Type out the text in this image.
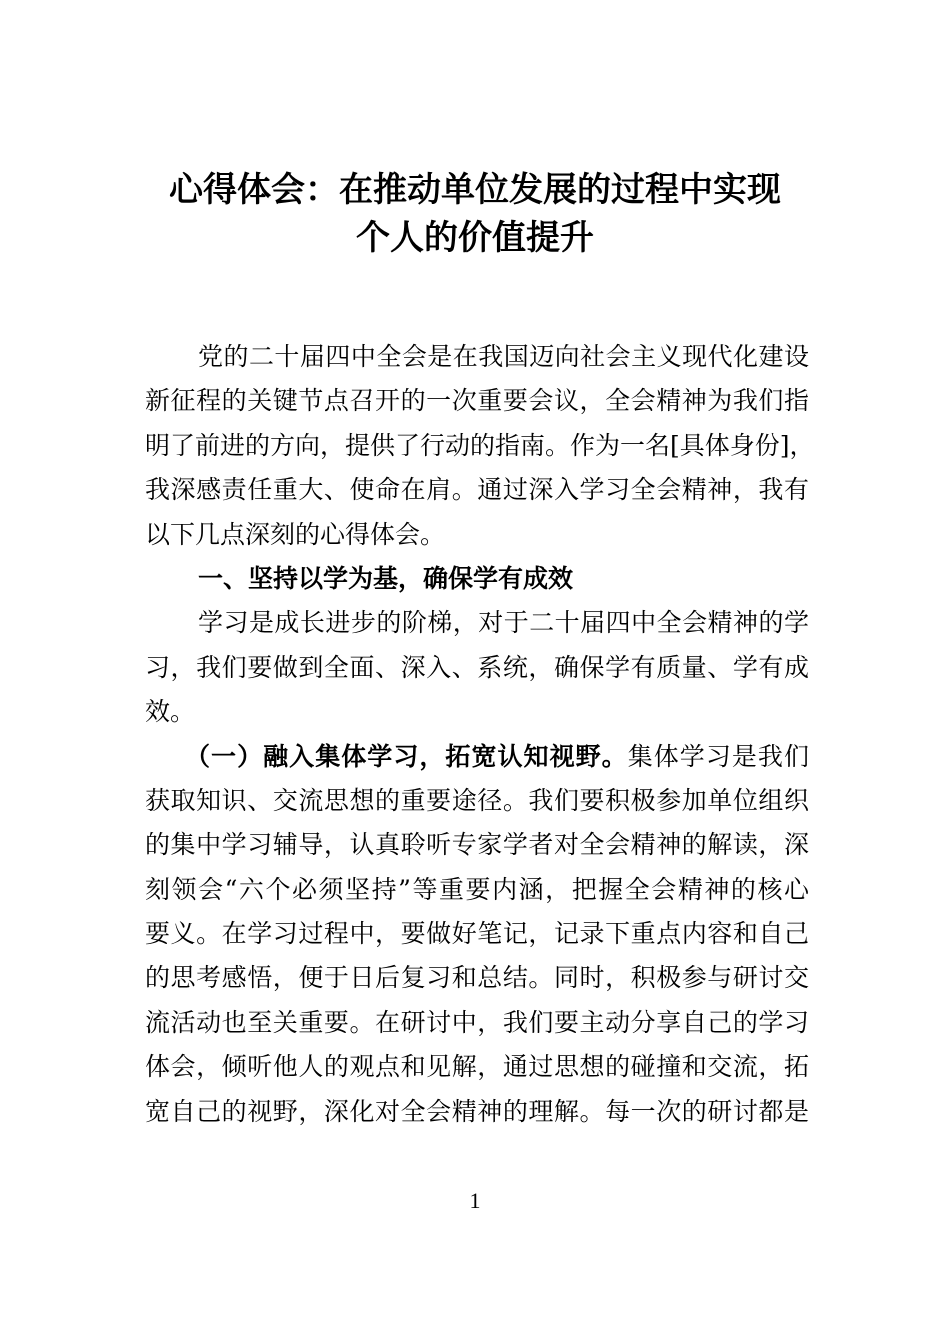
心得体会：在推动单位发展的过程中实现
个人的价值提升
党的二十届四中全会是在我国迈向社会主义现代化建设
新征程的关键节点召开的一次重要会议，全会精神为我们指
明了前进的方向，提供了行动的指南。作为一名[具体身份]，
我深感责任重大、使命在肩。通过深入学习全会精神，我有
以下几点深刻的心得体会。
一、坚持以学为基，确保学有成效
学习是成长进步的阶梯，对于二十届四中全会精神的学
习，我们要做到全面、深入、系统，确保学有质量、学有成
效。
（一）融入集体学习，拓宽认知视野。集体学习是我们
获取知识、交流思想的重要途径。我们要积极参加单位组织
的集中学习辅导，认真聆听专家学者对全会精神的解读，深
刻领会“六个必须坚持”等重要内涵，把握全会精神的核心
要义。在学习过程中，要做好笔记，记录下重点内容和自己
的思考感悟，便于日后复习和总结。同时，积极参与研讨交
流活动也至关重要。在研讨中，我们要主动分享自己的学习
体会，倾听他人的观点和见解，通过思想的碰撞和交流，拓
宽自己的视野，深化对全会精神的理解。每一次的研讨都是
1
